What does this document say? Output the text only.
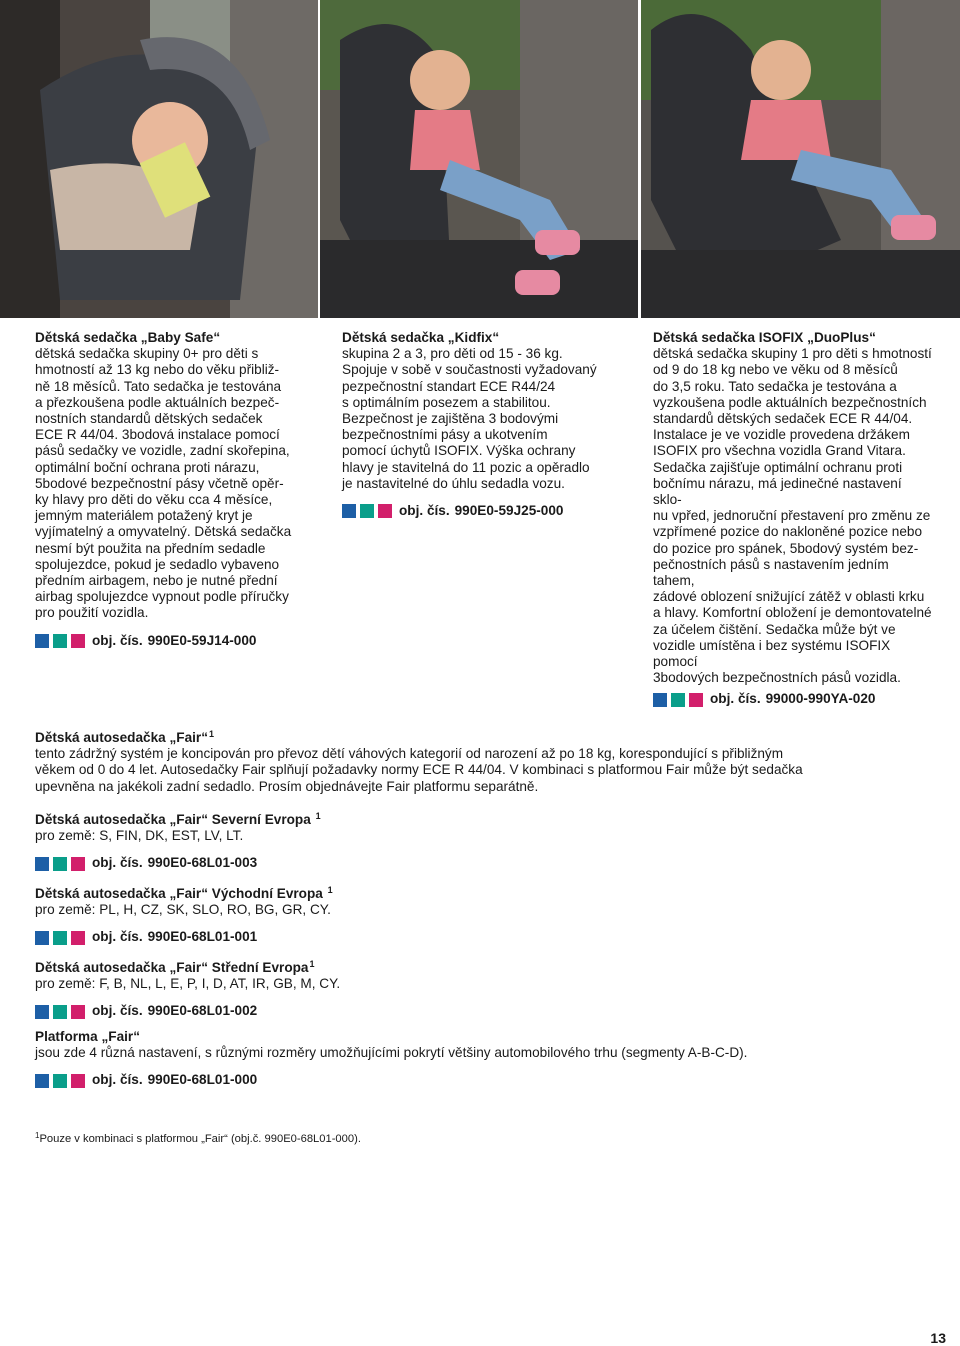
Dětská sedačka „Baby Safe“
dětská sedačka skupiny 0+ pro děti s
hmotností až 13 kg nebo do věku přibliž-
ně 18 měsíců. Tato sedačka je testována
a přezkoušena podle aktuálních bezpeč-
nostních standardů dětských sedaček
ECE R 44/04. 3bodová instalace pomocí
pásů sedačky ve vozidle, zadní skořepina,
optimální boční ochrana proti nárazu,
5bodové bezpečnostní pásy včetně opěr-
ky hlavy pro děti do věku cca 4 měsíce,
jemným materiálem potažený kryt je
vyjímatelný a omyvatelný. Dětská sedačka
nesmí být použita na předním sedadle
spolujezdce, pokud je sedadlo vybaveno
předním airbagem, nebo je nutné přední
airbag spolujezdce vypnout podle příručky
pro použití vozidla.
obj. čís. 990E0-59J14-000
Dětská sedačka „Kidfix“
skupina 2 a 3, pro děti od 15 - 36 kg.
Spojuje v sobě v součastnosti vyžadovaný
pezpečnostní standart ECE R44/24
s optimálním posezem a stabilitou.
Bezpečnost je zajištěna 3 bodovými
bezpečnostními pásy a ukotvením
pomocí úchytů ISOFIX. Výška ochrany
hlavy je stavitelná do 11 pozic a opěradlo
je nastavitelné do úhlu sedadla vozu.
obj. čís. 990E0-59J25-000
Dětská sedačka ISOFIX „DuoPlus“
dětská sedačka skupiny 1 pro děti s hmotností
od 9 do 18 kg nebo ve věku od 8 měsíců
do 3,5 roku. Tato sedačka je testována a
vyzkoušena podle aktuálních bezpečnostních
standardů dětských sedaček ECE R 44/04.
Instalace je ve vozidle provedena držákem
ISOFIX pro všechna vozidla Grand Vitara.
Sedačka zajišťuje optimální ochranu proti
bočnímu nárazu, má jedinečné nastavení sklo-
nu vpřed, jednoruční přestavení pro změnu ze
vzpřímené pozice do nakloněné pozice nebo
do pozice pro spánek, 5bodový systém bez-
pečnostních pásů s nastavením jedním tahem,
zádové oblození snižující zátěž v oblasti krku
a hlavy. Komfortní obložení je demontovatelné
za účelem čištění. Sedačka může být ve
vozidle umístěna i bez systému ISOFIX pomocí
3bodových bezpečnostních pásů vozidla.
obj. čís. 99000-990YA-020
Dětská autosedačka „Fair“$^1$
tento zádržný systém je koncipován pro převoz dětí váhových kategorií od narození až po 18 kg, korespondující s přibližným
věkem od 0 do 4 let. Autosedačky Fair splňují požadavky normy ECE R 44/04. V kombinaci s platformou Fair může být sedačka
upevněna na jakékoli zadní sedadlo. Prosím objednávejte Fair platformu separátně.
Dětská autosedačka „Fair“ Severní Evropa $^1$
pro země: S, FIN, DK, EST, LV, LT.
obj. čís. 990E0-68L01-003
Dětská autosedačka „Fair“ Východní Evropa $^1$
pro země: PL, H, CZ, SK, SLO, RO, BG, GR, CY.
obj. čís. 990E0-68L01-001
Dětská autosedačka „Fair“ Střední Evropa$^1$
pro země: F, B, NL, L, E, P, I, D, AT, IR, GB, M, CY.
obj. čís. 990E0-68L01-002
Platforma „Fair“
jsou zde 4 různá nastavení, s různými rozměry umožňujícími pokrytí většiny automobilového trhu (segmenty A-B-C-D).
obj. čís. 990E0-68L01-000
$^1$Pouze v kombinaci s platformou „Fair“ (obj.č. 990E0-68L01-000).
13
